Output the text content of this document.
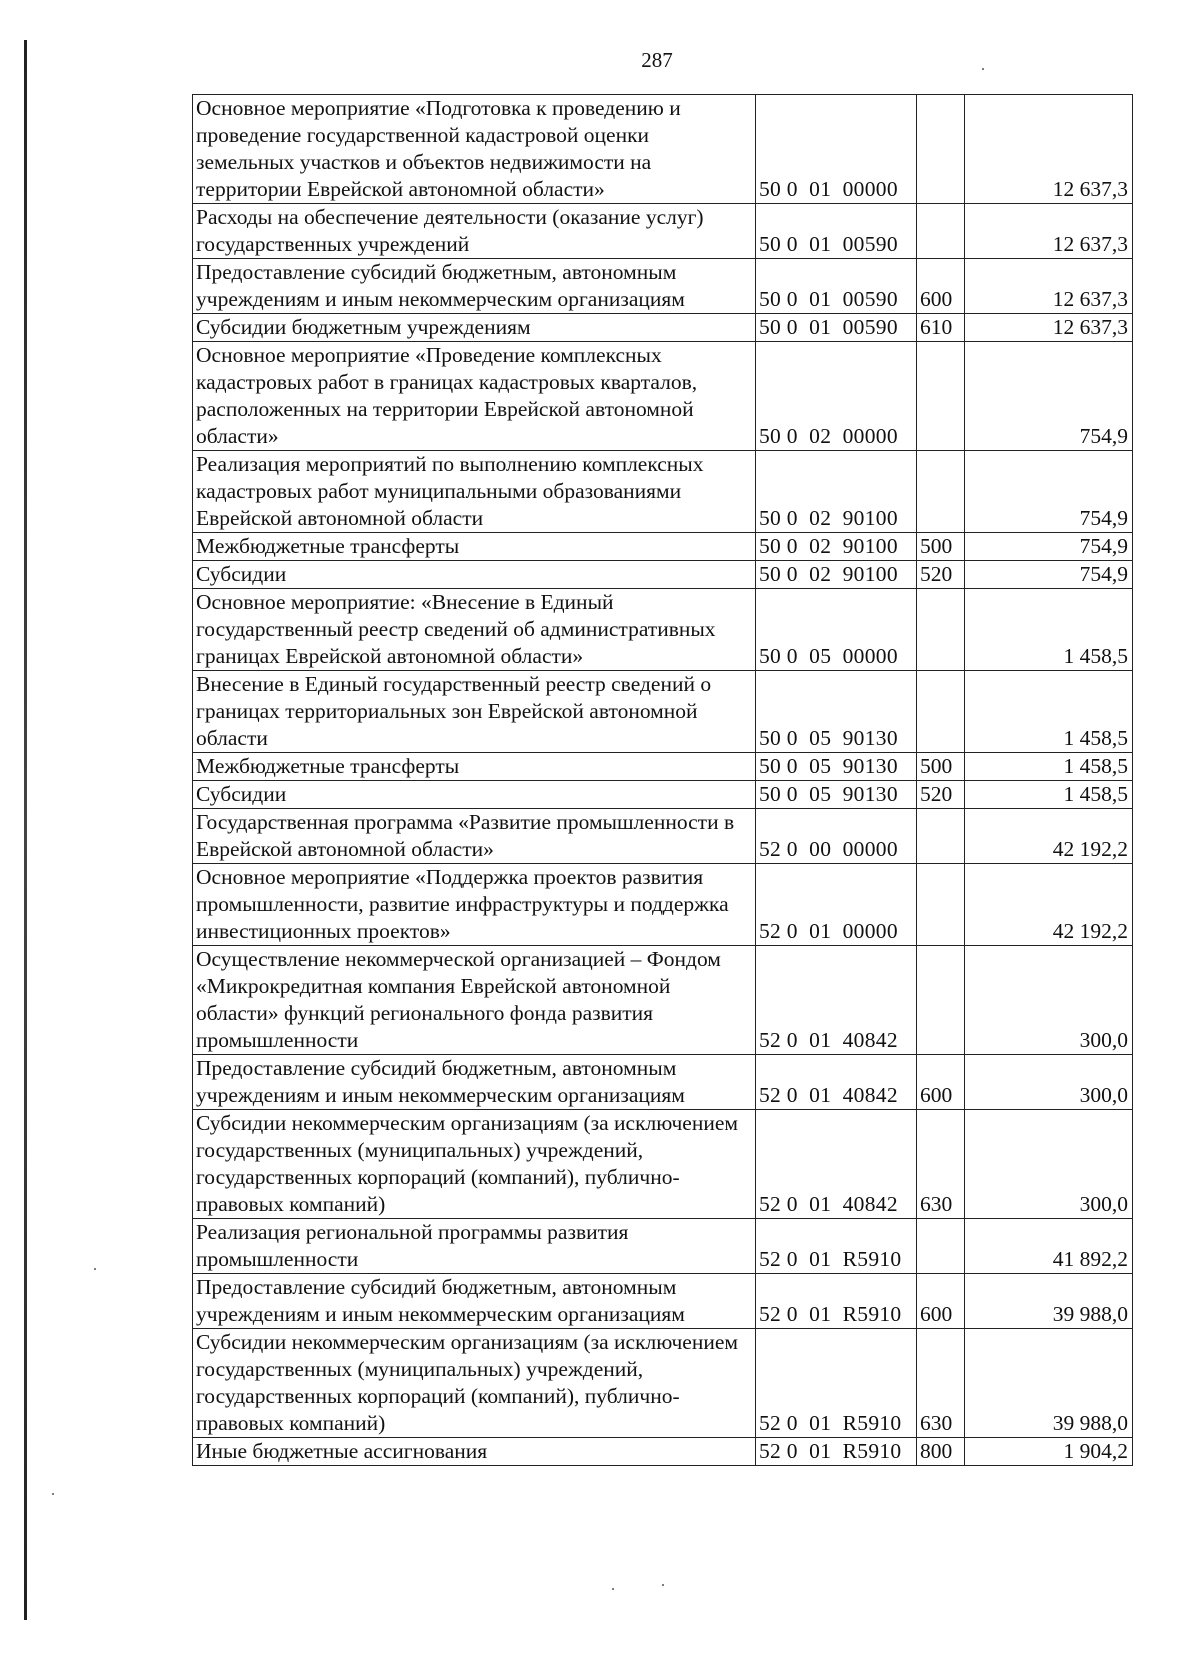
287
Основное мероприятие «Подготовка к проведению и проведение государственной кадастровой оценки земельных участков и объектов недвижимости на территории Еврейской автономной области»	50 0  01  00000		12 637,3
Расходы на обеспечение деятельности (оказание услуг) государственных учреждений	50 0  01  00590		12 637,3
Предоставление субсидий бюджетным, автономным учреждениям и иным некоммерческим организациям	50 0  01  00590	600	12 637,3
Субсидии бюджетным учреждениям	50 0  01  00590	610	12 637,3
Основное мероприятие «Проведение комплексных кадастровых работ в границах кадастровых кварталов, расположенных на территории Еврейской автономной области»	50 0  02  00000		754,9
Реализация мероприятий по выполнению комплексных кадастровых работ муниципальными образованиями Еврейской автономной области	50 0  02  90100		754,9
Межбюджетные трансферты	50 0  02  90100	500	754,9
Субсидии	50 0  02  90100	520	754,9
Основное мероприятие: «Внесение в Единый государственный реестр сведений об административных границах Еврейской автономной области»	50 0  05  00000		1 458,5
Внесение в Единый государственный реестр сведений о границах территориальных зон Еврейской автономной области	50 0  05  90130		1 458,5
Межбюджетные трансферты	50 0  05  90130	500	1 458,5
Субсидии	50 0  05  90130	520	1 458,5
Государственная программа «Развитие промышленности в Еврейской автономной области»	52 0  00  00000		42 192,2
Основное мероприятие «Поддержка проектов развития промышленности, развитие инфраструктуры и поддержка инвестиционных проектов»	52 0  01  00000		42 192,2
Осуществление некоммерческой организацией – Фондом «Микрокредитная компания Еврейской автономной области» функций регионального фонда развития промышленности	52 0  01  40842		300,0
Предоставление субсидий бюджетным, автономным учреждениям и иным некоммерческим организациям	52 0  01  40842	600	300,0
Субсидии некоммерческим организациям (за исключением государственных (муниципальных) учреждений, государственных корпораций (компаний), публично-правовых компаний)	52 0  01  40842	630	300,0
Реализация региональной программы развития промышленности	52 0  01  R5910		41 892,2
Предоставление субсидий бюджетным, автономным учреждениям и иным некоммерческим организациям	52 0  01  R5910	600	39 988,0
Субсидии некоммерческим организациям (за исключением государственных (муниципальных) учреждений, государственных корпораций (компаний), публично-правовых компаний)	52 0  01  R5910	630	39 988,0
Иные бюджетные ассигнования	52 0  01  R5910	800	1 904,2
